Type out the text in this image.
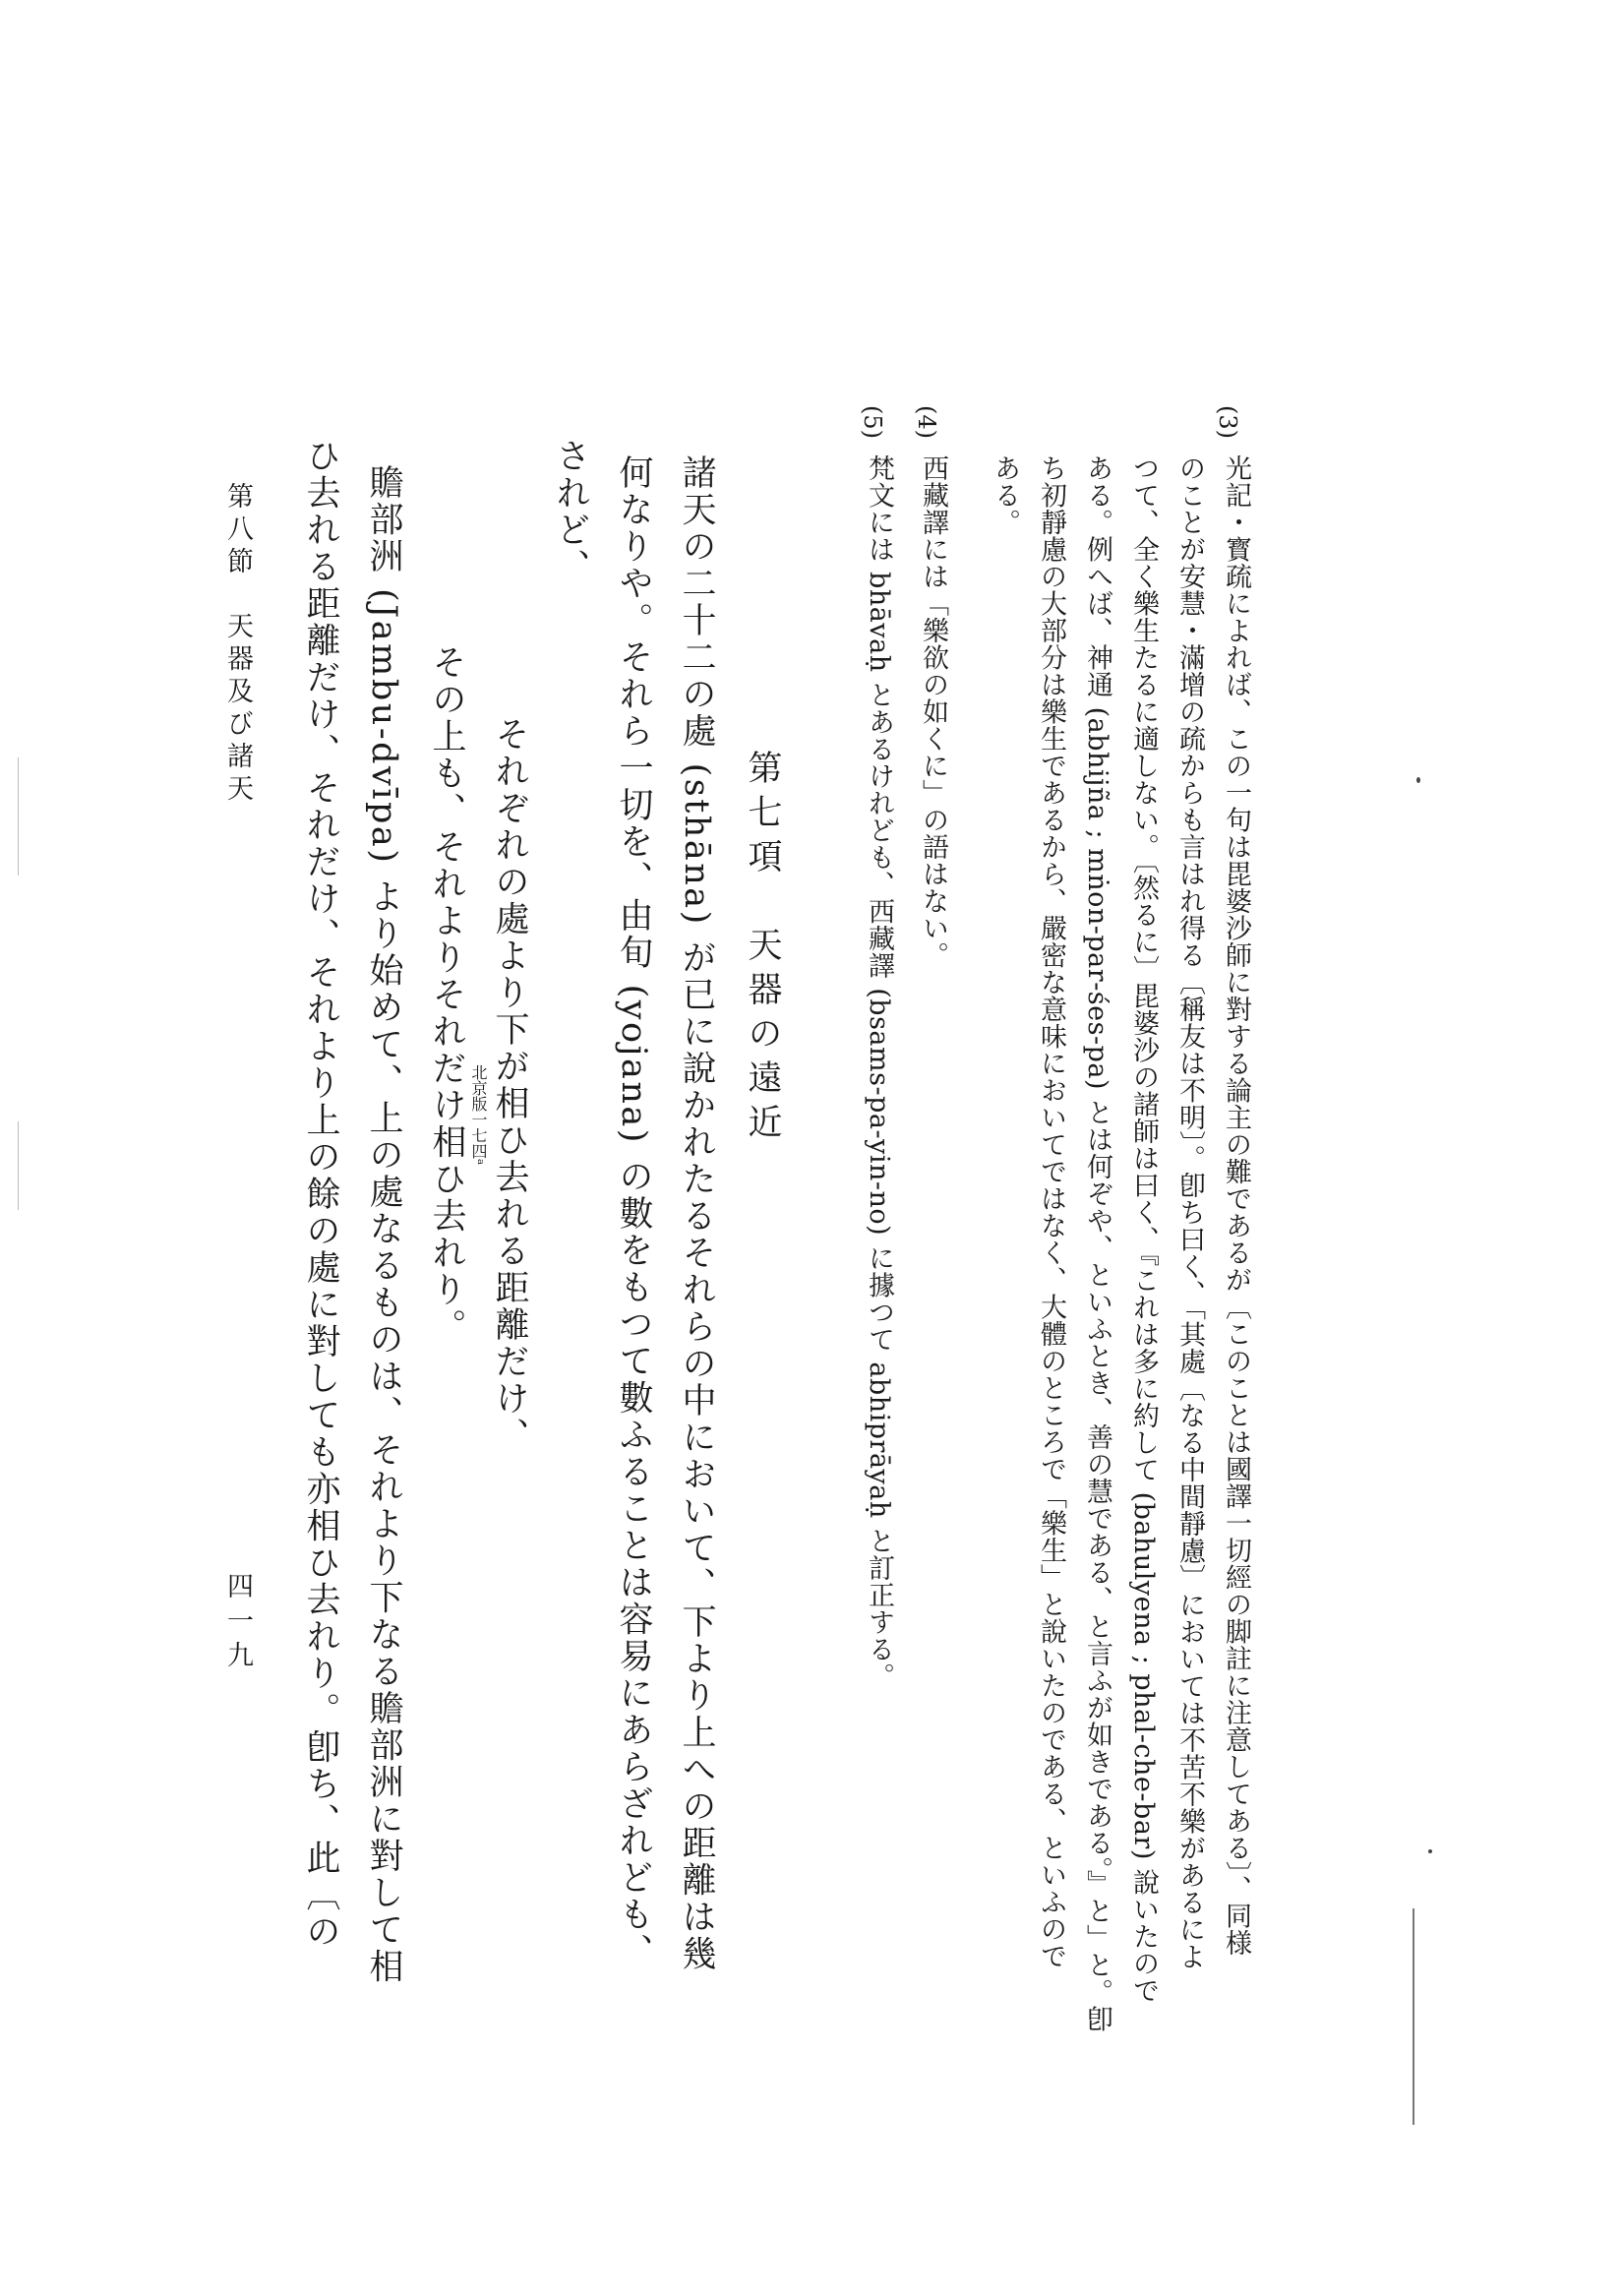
(3)
光記・寳疏によれば、この一句は毘婆沙師に對する論主の難であるが〔このことは國譯一切經の脚註に注意してある〕、同様
のことが安慧・滿增の疏からも言はれ得る〔稱友は不明〕。卽ち曰く、「其處〔なる中間靜慮〕においては不苦不樂があるによ
つて、全く樂生たるに適しない。〔然るに〕毘婆沙の諸師は曰く、『これは多に約して (bahulyena ; phal-che-bar) 說いたので
ある。例へば、神通 (abhijña ; mṅon-par-śes-pa) とは何ぞや、といふとき、善の慧である、と言ふが如きである。』と」と。卽
ち初靜慮の大部分は樂生であるから、嚴密な意味においてではなく、大體のところで「樂生」と說いたのである、といふので
ある。
(4)
西藏譯には「樂欲の如くに」の語はない。
(5)
梵文には bhāvaḥ とあるけれども、西藏譯 (bsams-pa-yin-no) に據つて abhiprāyaḥ と訂正する。
第七項　天器の遠近
諸天の二十二の處 (sthāna) が已に說かれたるそれらの中において、下より上への距離は幾
何なりや。それら一切を、由旬 (yojana) の數をもつて數ふることは容易にあらざれども、
されど、
それぞれの處より下が相ひ去れる距離だけ、
その上も、それよりそれだけ相ひ去れり。 北京版一七四ᵃ
贍部洲 (Jambu-dvīpa) より始めて、上の處なるものは、それより下なる贍部洲に對して相
ひ去れる距離だけ、それだけ、それより上の餘の處に對しても亦相ひ去れり。卽ち、此〔の
第八節　天器及び諸天
四一九
